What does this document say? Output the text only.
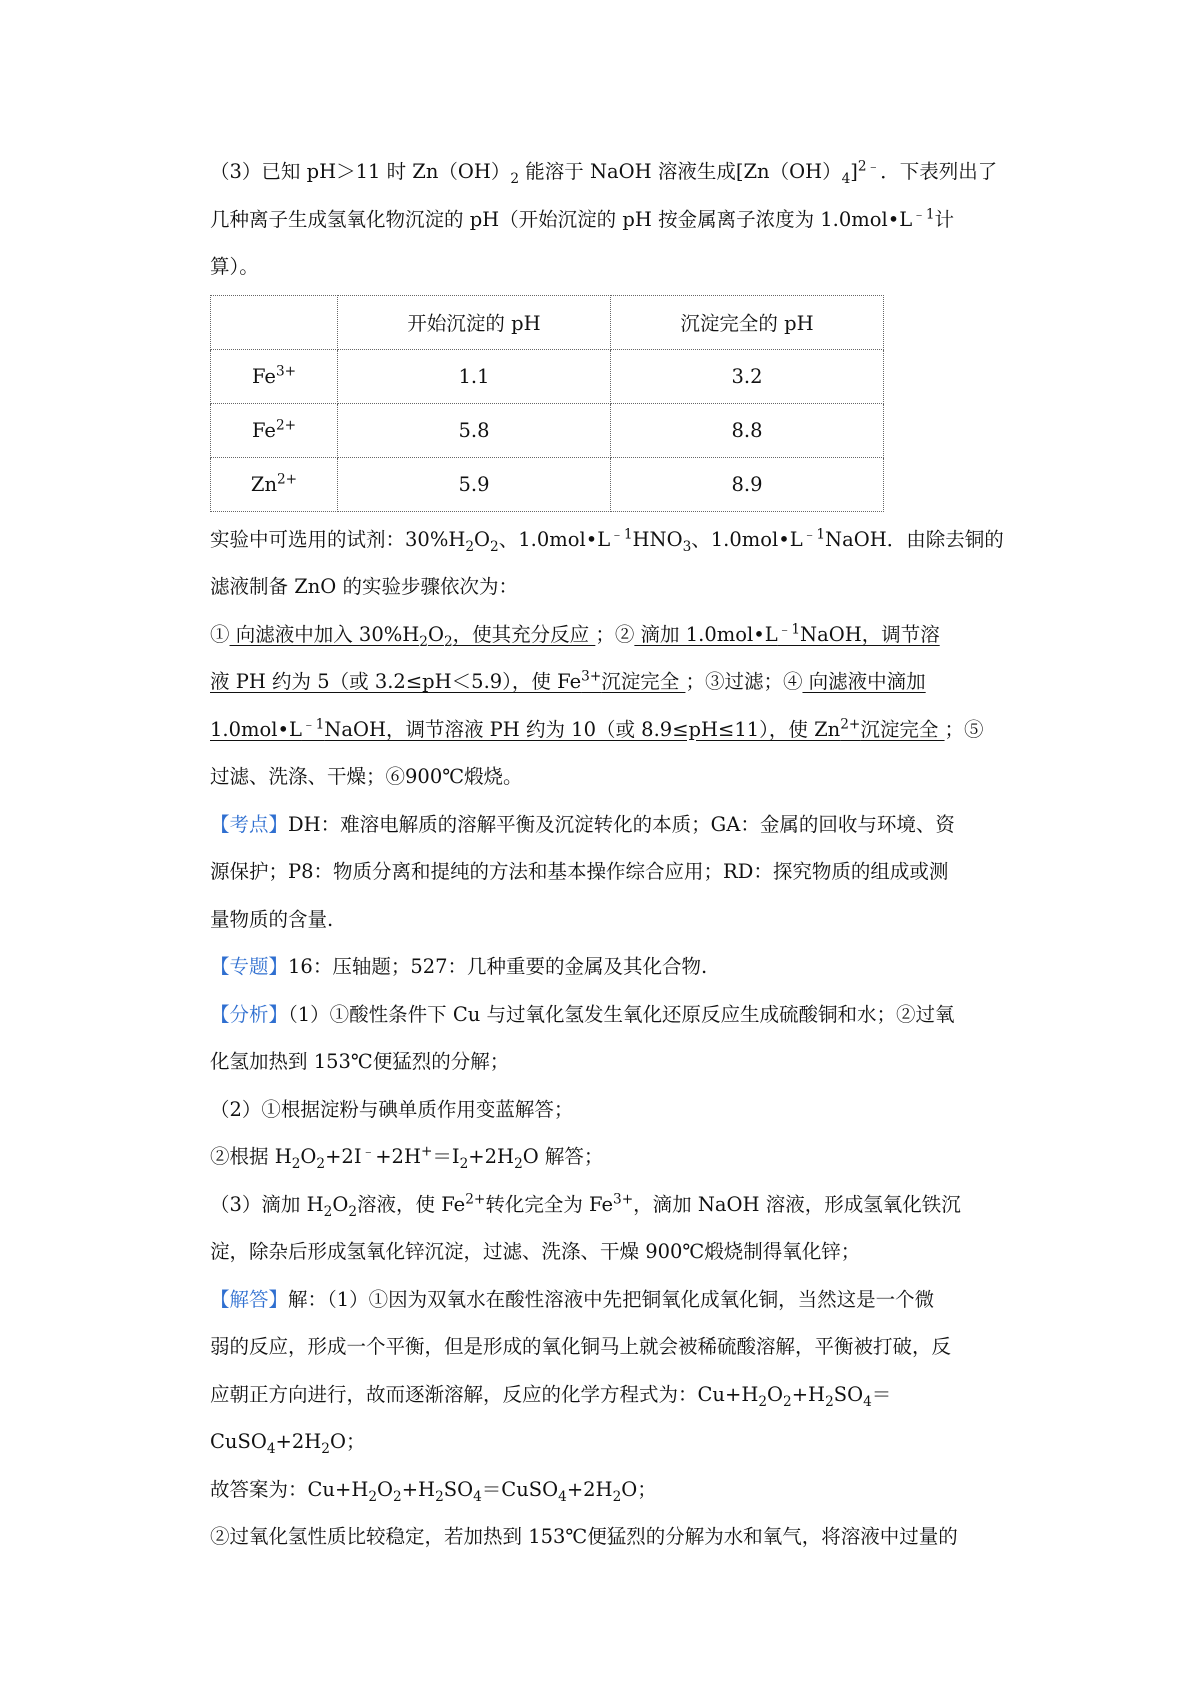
（3）已知 pH＞11 时 $Zn(OH)_2$ 能溶于 NaOH 溶液生成$[Zn(OH)_4]^{2﹣}$．下表列出了
几种离子生成氢氧化物沉淀的 pH（开始沉淀的 pH 按金属离子浓度为 $1.0mol•L^{﹣1}$计
算）。
	开始沉淀的 pH	沉淀完全的 pH
$Fe^{3+}$	1.1	3.2
$Fe^{2+}$	5.8	8.8
$Zn^{2+}$	5.9	8.9
实验中可选用的试剂：$30\%H_2O_2$、$1.0mol•L^{﹣1}HNO_3$、$1.0mol•L^{﹣1}NaOH$．由除去铜的
滤液制备 ZnO 的实验步骤依次为：
① 向滤液中加入 $30\%H_2O_2$，使其充分反应 ；② 滴加 $1.0mol•L^{﹣1}NaOH$，调节溶
液 PH 约为 5（或 3.2≤pH＜5.9），使 $Fe^{3+}$沉淀完全 ；③过滤；④ 向滤液中滴加
$1.0mol•L^{﹣1}NaOH$，调节溶液 PH 约为 10（或 8.9≤pH≤11），使 $Zn^{2+}$沉淀完全 ；⑤
过滤、洗涤、干燥；⑥900℃煅烧。
【考点】DH：难溶电解质的溶解平衡及沉淀转化的本质；GA：金属的回收与环境、资
源保护；P8：物质分离和提纯的方法和基本操作综合应用；RD：探究物质的组成或测
量物质的含量.
【专题】16：压轴题；527：几种重要的金属及其化合物.
【分析】（1）①酸性条件下 Cu 与过氧化氢发生氧化还原反应生成硫酸铜和水；②过氧
化氢加热到 153℃便猛烈的分解；
（2）①根据淀粉与碘单质作用变蓝解答；
②根据 $H_2O_2+2I^﹣+2H^+=I_2+2H_2O$ 解答；
（3）滴加 $H_2O_2$溶液，使 $Fe^{2+}$转化完全为 $Fe^{3+}$，滴加 NaOH 溶液，形成氢氧化铁沉
淀，除杂后形成氢氧化锌沉淀，过滤、洗涤、干燥 900℃煅烧制得氧化锌；
【解答】解：（1）①因为双氧水在酸性溶液中先把铜氧化成氧化铜，当然这是一个微
弱的反应，形成一个平衡，但是形成的氧化铜马上就会被稀硫酸溶解，平衡被打破，反
应朝正方向进行，故而逐渐溶解，反应的化学方程式为：$Cu+H_2O_2+H_2SO_4=$
$CuSO_4+2H_2O$；
故答案为：$Cu+H_2O_2+H_2SO_4=CuSO_4+2H_2O$；
②过氧化氢性质比较稳定，若加热到 153℃便猛烈的分解为水和氧气，将溶液中过量的
